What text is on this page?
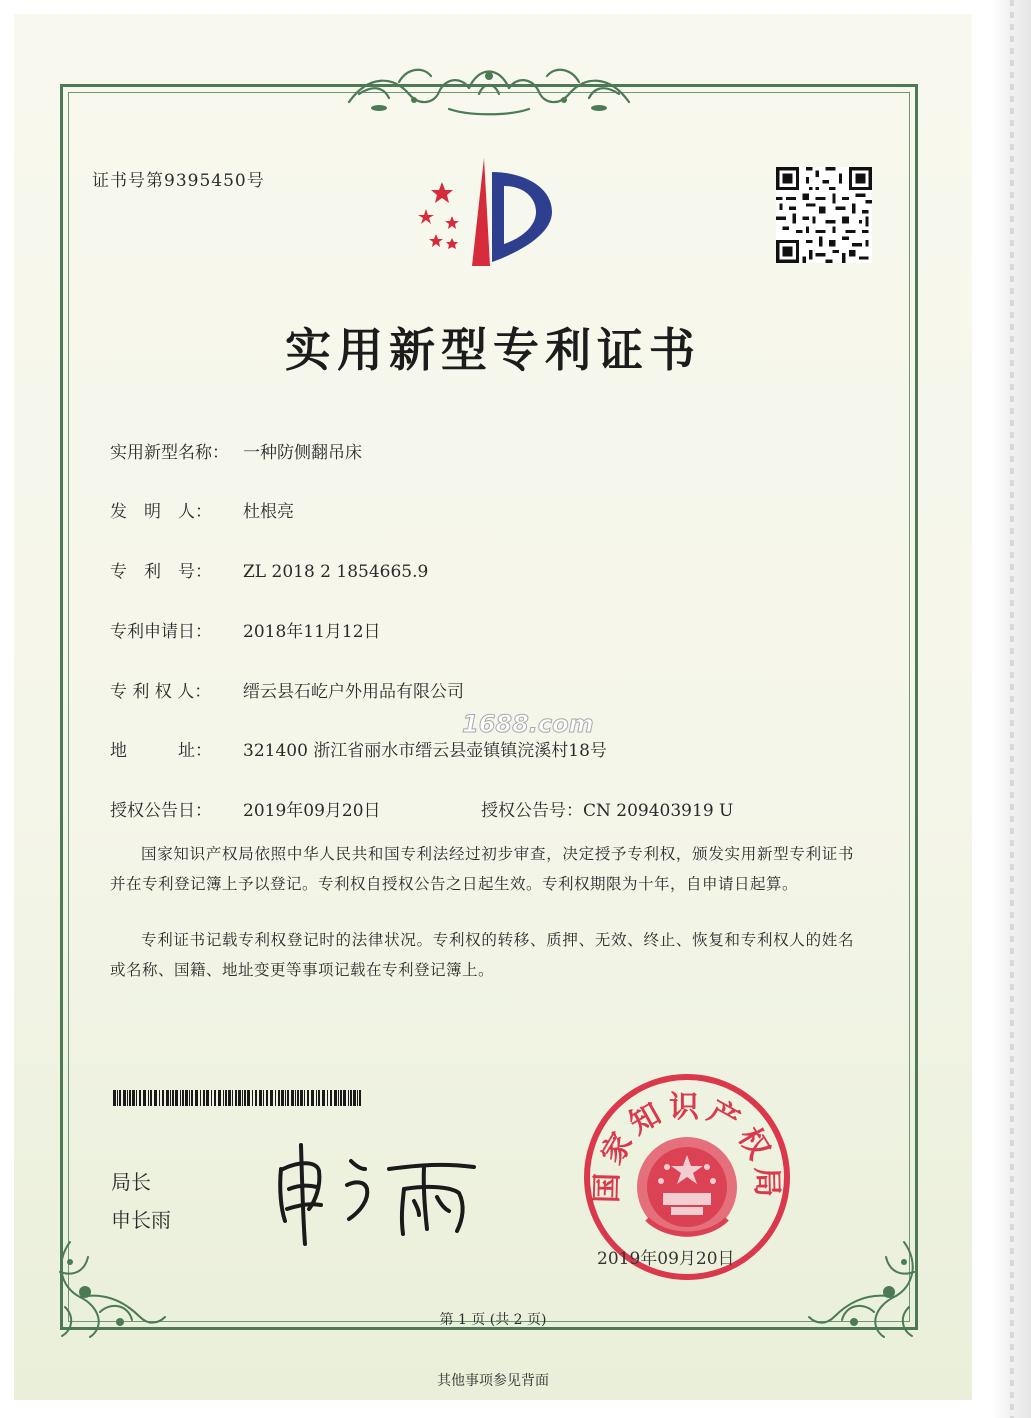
证书号第9395450号
实用新型专利证书
实用新型名称： 一种防侧翻吊床
发　明　人： 杜根亮
专　利　号： ZL 2018 2 1854665.9
专利申请日： 2018年11月12日
专 利 权 人： 缙云县石屹户外用品有限公司
1688.com
地　　　址： 321400 浙江省丽水市缙云县壶镇镇浣溪村18号
授权公告日： 2019年09月20日	授权公告号：CN 209403919 U
国家知识产权局依照中华人民共和国专利法经过初步审查，决定授予专利权，颁发实用新型专利证书并在专利登记簿上予以登记。专利权自授权公告之日起生效。专利权期限为十年，自申请日起算。
专利证书记载专利权登记时的法律状况。专利权的转移、质押、无效、终止、恢复和专利权人的姓名或名称、国籍、地址变更等事项记载在专利登记簿上。
局长
申长雨
国家知识产权局
2019年09月20日
第 1 页 (共 2 页)
其他事项参见背面
